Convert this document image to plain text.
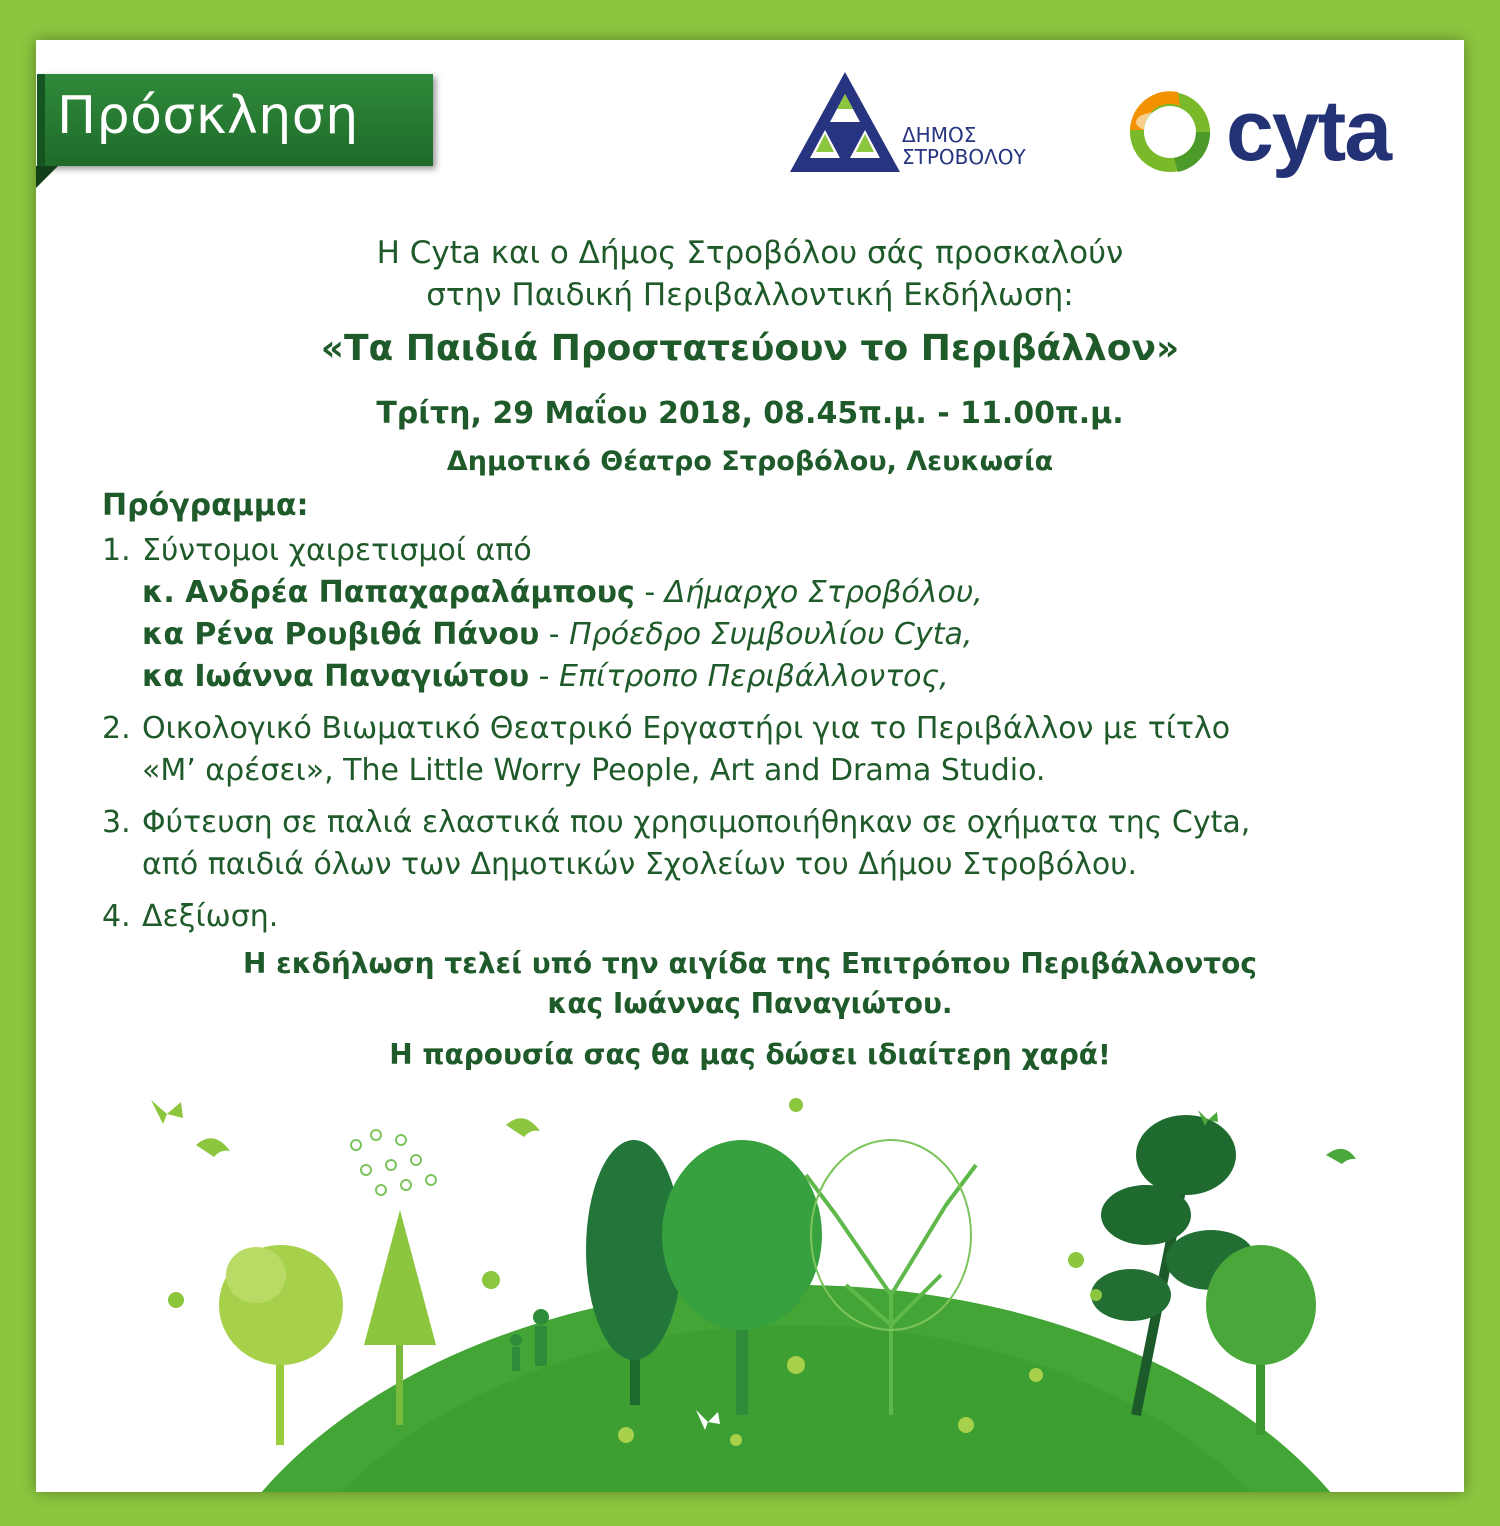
Πρόσκληση	ΔΗΜΟΣ
ΣΤΡΟΒΟΛΟΥ cyta
Η Cyta και ο Δήμος Στροβόλου σάς προσκαλούν
στην Παιδική Περιβαλλοντική Εκδήλωση:
«Τα Παιδιά Προστατεύουν το Περιβάλλον»
Τρίτη, 29 Μαΐου 2018, 08.45π.μ. - 11.00π.μ.
Δημοτικό Θέατρο Στροβόλου, Λευκωσία
Πρόγραμμα:
1. Σύντομοι χαιρετισμοί από
κ. Ανδρέα Παπαχαραλάμπους - Δήμαρχο Στροβόλου,
κα Ρένα Ρουβιθά Πάνου - Πρόεδρο Συμβουλίου Cyta,
κα Ιωάννα Παναγιώτου - Επίτροπο Περιβάλλοντος,
2. Οικολογικό Βιωματικό Θεατρικό Εργαστήρι για το Περιβάλλον με τίτλο
«Μ’ αρέσει», The Little Worry People, Art and Drama Studio.
3. Φύτευση σε παλιά ελαστικά που χρησιμοποιήθηκαν σε οχήματα της Cyta,
από παιδιά όλων των Δημοτικών Σχολείων του Δήμου Στροβόλου.
4. Δεξίωση.
Η εκδήλωση τελεί υπό την αιγίδα της Επιτρόπου Περιβάλλοντος
κας Ιωάννας Παναγιώτου.
Η παρουσία σας θα μας δώσει ιδιαίτερη χαρά!
